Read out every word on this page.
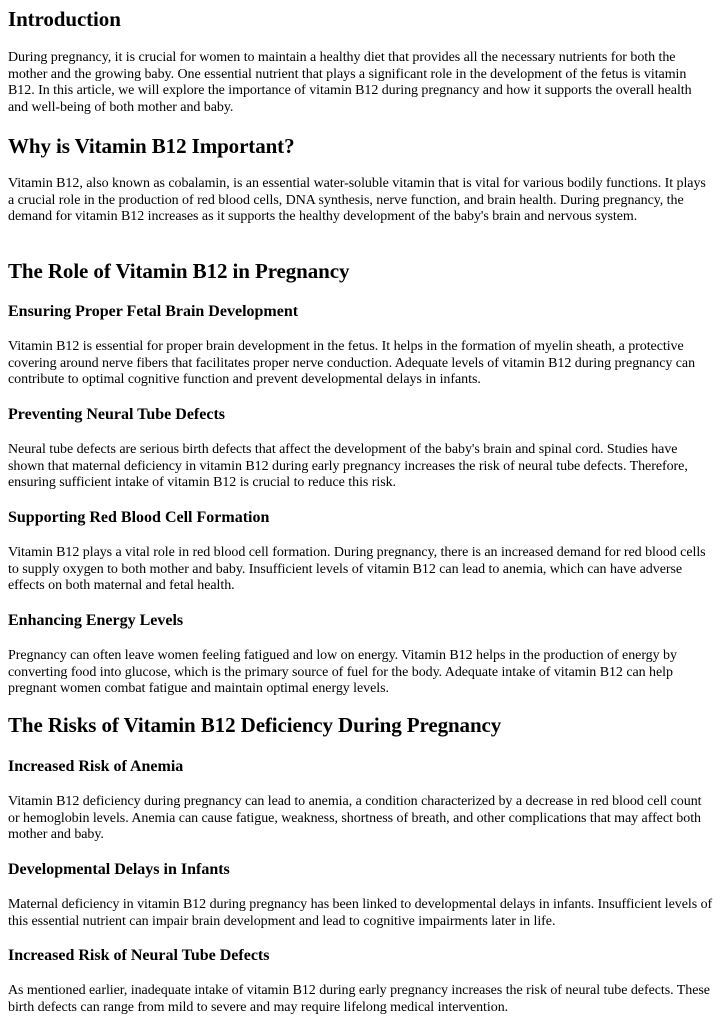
Introduction

During pregnancy, it is crucial for women to maintain a healthy diet that provides all the necessary nutrients for both the mother and the growing baby. One essential nutrient that plays a significant role in the development of the fetus is vitamin B12. In this article, we will explore the importance of vitamin B12 during pregnancy and how it supports the overall health and well-being of both mother and baby.

Why is Vitamin B12 Important?

Vitamin B12, also known as cobalamin, is an essential water-soluble vitamin that is vital for various bodily functions. It plays a crucial role in the production of red blood cells, DNA synthesis, nerve function, and brain health. During pregnancy, the demand for vitamin B12 increases as it supports the healthy development of the baby's brain and nervous system.

The Role of Vitamin B12 in Pregnancy
Ensuring Proper Fetal Brain Development

Vitamin B12 is essential for proper brain development in the fetus. It helps in the formation of myelin sheath, a protective covering around nerve fibers that facilitates proper nerve conduction. Adequate levels of vitamin B12 during pregnancy can contribute to optimal cognitive function and prevent developmental delays in infants.

Preventing Neural Tube Defects

Neural tube defects are serious birth defects that affect the development of the baby's brain and spinal cord. Studies have shown that maternal deficiency in vitamin B12 during early pregnancy increases the risk of neural tube defects. Therefore, ensuring sufficient intake of vitamin B12 is crucial to reduce this risk.

Supporting Red Blood Cell Formation

Vitamin B12 plays a vital role in red blood cell formation. During pregnancy, there is an increased demand for red blood cells to supply oxygen to both mother and baby. Insufficient levels of vitamin B12 can lead to anemia, which can have adverse effects on both maternal and fetal health.

Enhancing Energy Levels

Pregnancy can often leave women feeling fatigued and low on energy. Vitamin B12 helps in the production of energy by converting food into glucose, which is the primary source of fuel for the body. Adequate intake of vitamin B12 can help pregnant women combat fatigue and maintain optimal energy levels.

The Risks of Vitamin B12 Deficiency During Pregnancy
Increased Risk of Anemia

Vitamin B12 deficiency during pregnancy can lead to anemia, a condition characterized by a decrease in red blood cell count or hemoglobin levels. Anemia can cause fatigue, weakness, shortness of breath, and other complications that may affect both mother and baby.

Developmental Delays in Infants

Maternal deficiency in vitamin B12 during pregnancy has been linked to developmental delays in infants. Insufficient levels of this essential nutrient can impair brain development and lead to cognitive impairments later in life.

Increased Risk of Neural Tube Defects

As mentioned earlier, inadequate intake of vitamin B12 during early pregnancy increases the risk of neural tube defects. These birth defects can range from mild to severe and may require lifelong medical intervention.
